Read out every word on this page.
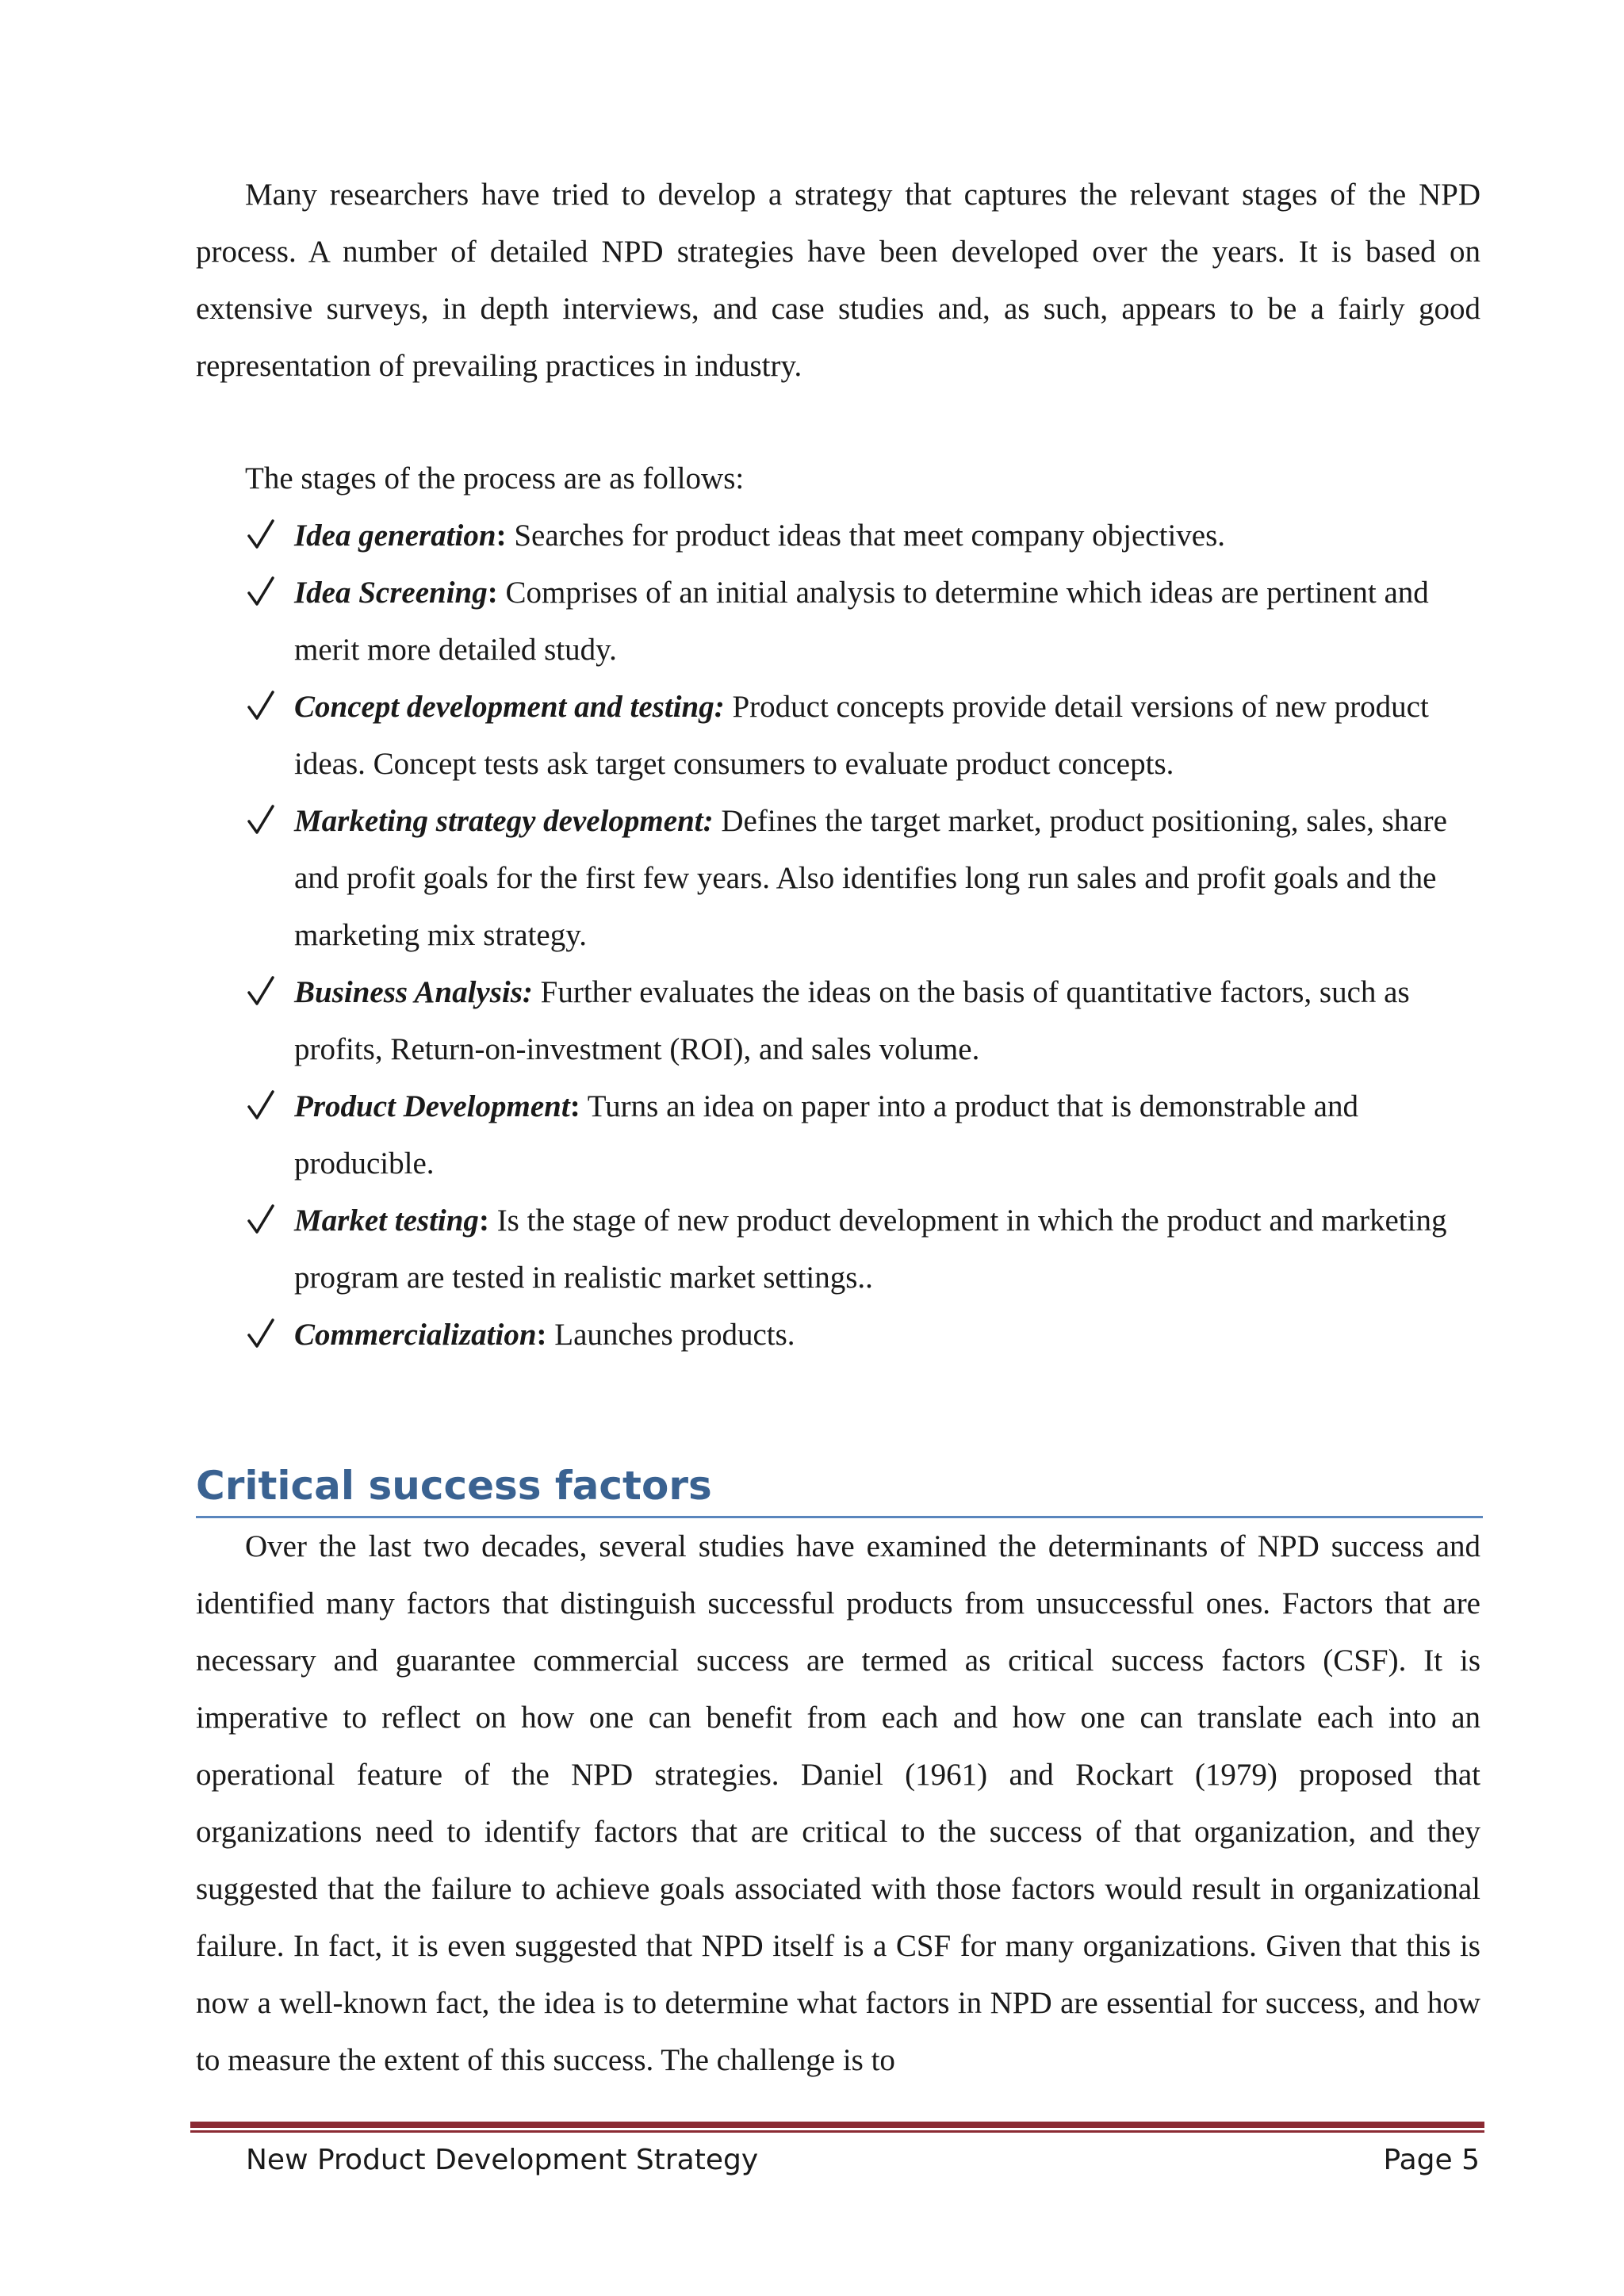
Many researchers have tried to develop a strategy that captures the relevant stages of the NPD process. A number of detailed NPD strategies have been developed over the years. It is based on extensive surveys, in depth interviews, and case studies and, as such, appears to be a fairly good representation of prevailing practices in industry.

The stages of the process are as follows:

Idea generation: Searches for product ideas that meet company objectives.
Idea Screening: Comprises of an initial analysis to determine which ideas are pertinent and merit more detailed study.
Concept development and testing: Product concepts provide detail versions of new product ideas. Concept tests ask target consumers to evaluate product concepts.
Marketing strategy development: Defines the target market, product positioning, sales, share and profit goals for the first few years. Also identifies long run sales and profit goals and the marketing mix strategy.
Business Analysis: Further evaluates the ideas on the basis of quantitative factors, such as profits, Return-on-investment (ROI), and sales volume.
Product Development: Turns an idea on paper into a product that is demonstrable and producible.
Market testing: Is the stage of new product development in which the product and marketing program are tested in realistic market settings..
Commercialization: Launches products.
Critical success factors

Over the last two decades, several studies have examined the determinants of NPD success and identified many factors that distinguish successful products from unsuccessful ones. Factors that are necessary and guarantee commercial success are termed as critical success factors (CSF). It is imperative to reflect on how one can benefit from each and how one can translate each into an operational feature of the NPD strategies. Daniel (1961) and Rockart (1979) proposed that organizations need to identify factors that are critical to the success of that organization, and they suggested that the failure to achieve goals associated with those factors would result in organizational failure. In fact, it is even suggested that NPD itself is a CSF for many organizations. Given that this is now a well-known fact, the idea is to determine what factors in NPD are essential for success, and how to measure the extent of this success. The challenge is to

New Product Development Strategy	Page 5
